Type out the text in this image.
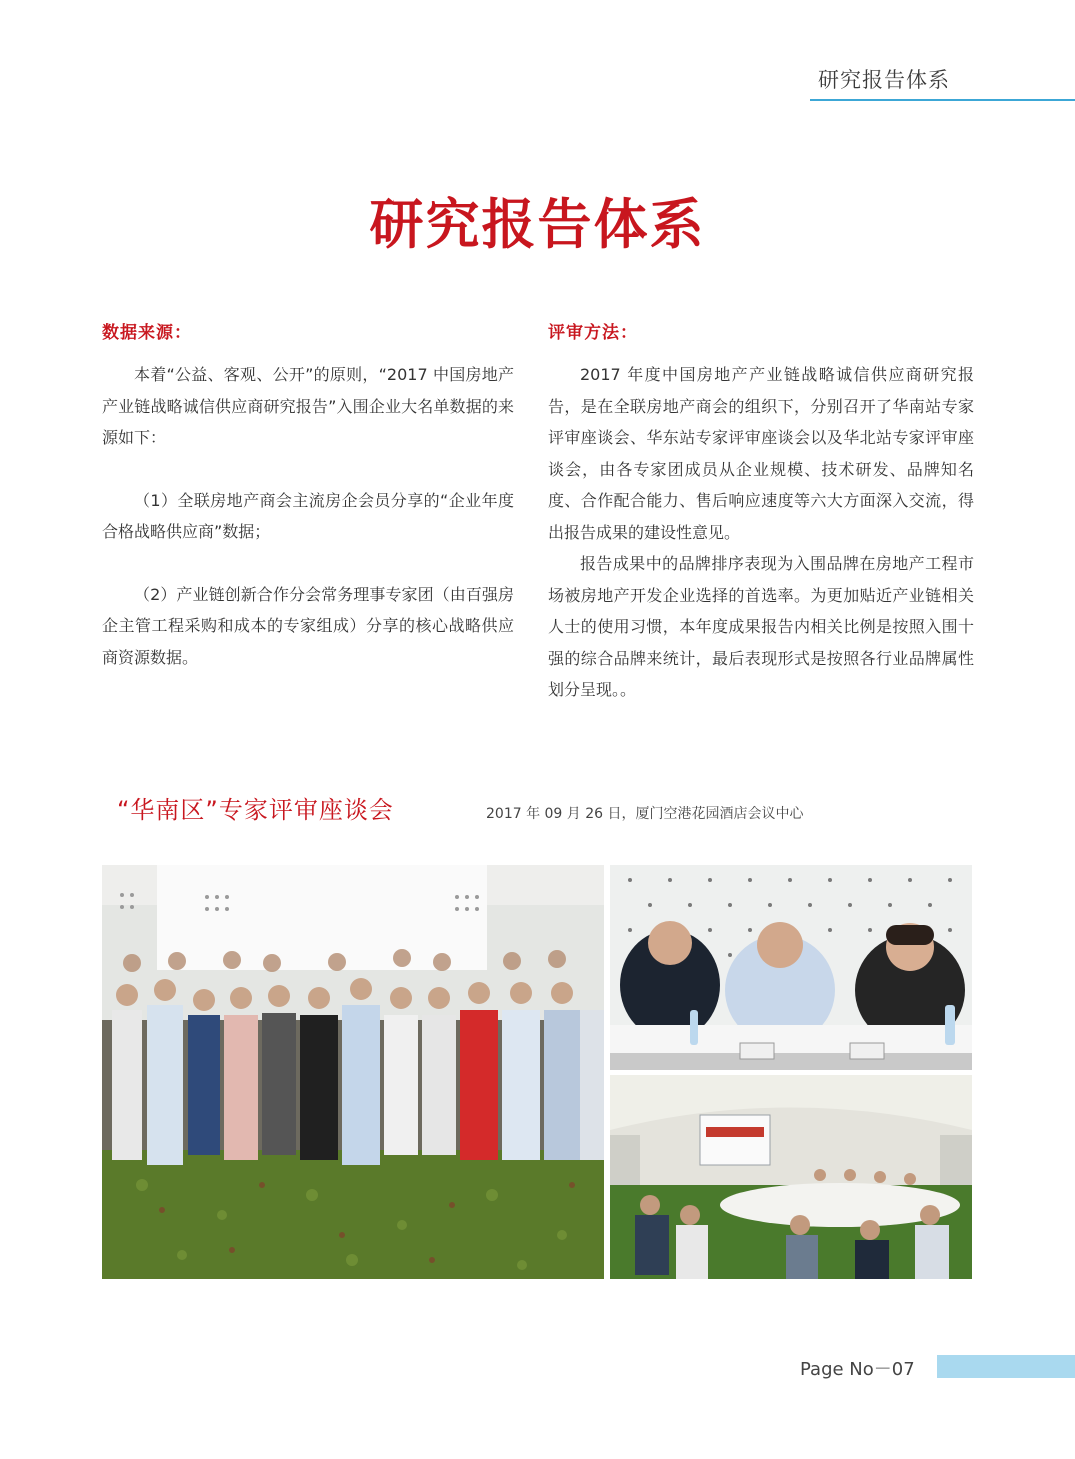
研究报告体系
研究报告体系
数据来源：

本着“公益、客观、公开”的原则，“2017 中国房地产产业链战略诚信供应商研究报告”入围企业大名单数据的来源如下：

（1）全联房地产商会主流房企会员分享的“企业年度合格战略供应商”数据；

（2）产业链创新合作分会常务理事专家团（由百强房企主管工程采购和成本的专家组成）分享的核心战略供应商资源数据。

评审方法：

2017 年度中国房地产产业链战略诚信供应商研究报告，是在全联房地产商会的组织下，分别召开了华南站专家评审座谈会、华东站专家评审座谈会以及华北站专家评审座谈会，由各专家团成员从企业规模、技术研发、品牌知名度、合作配合能力、售后响应速度等六大方面深入交流，得出报告成果的建设性意见。

报告成果中的品牌排序表现为入围品牌在房地产工程市场被房地产开发企业选择的首选率。为更加贴近产业链相关人士的使用习惯，本年度成果报告内相关比例是按照入围十强的综合品牌来统计，最后表现形式是按照各行业品牌属性划分呈现。。

“华南区”专家评审座谈会	2017 年 09 月 26 日，厦门空港花园酒店会议中心
Page No－07
